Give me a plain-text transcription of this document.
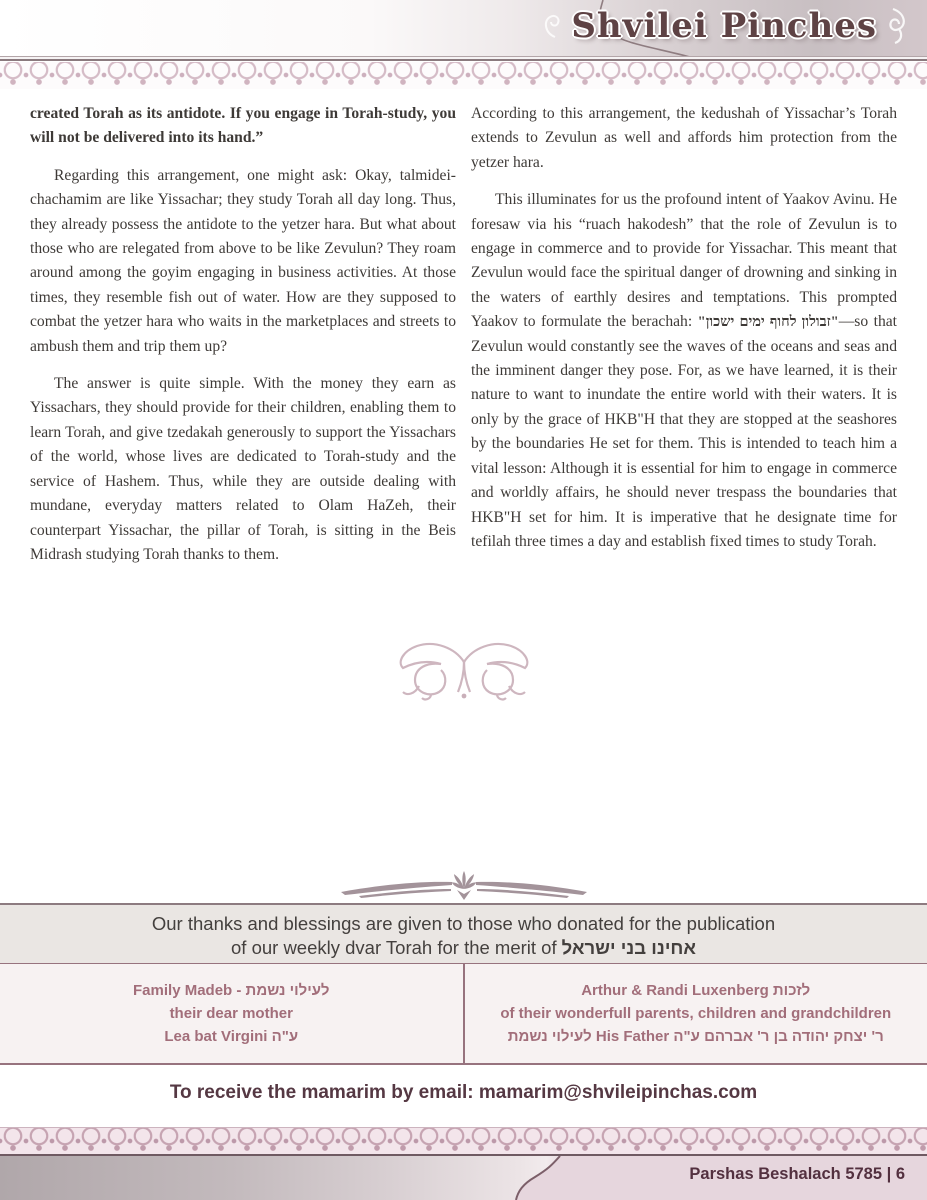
Shvilei Pinches

created Torah as its antidote. If you engage in Torah-study, you will not be delivered into its hand.”

Regarding this arrangement, one might ask: Okay, talmidei-chachamim are like Yissachar; they study Torah all day long. Thus, they already possess the antidote to the yetzer hara. But what about those who are relegated from above to be like Zevulun? They roam around among the goyim engaging in business activities. At those times, they resemble fish out of water. How are they supposed to combat the yetzer hara who waits in the marketplaces and streets to ambush them and trip them up?

The answer is quite simple. With the money they earn as Yissachars, they should provide for their children, enabling them to learn Torah, and give tzedakah generously to support the Yissachars of the world, whose lives are dedicated to Torah-study and the service of Hashem. Thus, while they are outside dealing with mundane, everyday matters related to Olam HaZeh, their counterpart Yissachar, the pillar of Torah, is sitting in the Beis Midrash studying Torah thanks to them.

According to this arrangement, the kedushah of Yissachar’s Torah extends to Zevulun as well and affords him protection from the yetzer hara.

This illuminates for us the profound intent of Yaakov Avinu. He foresaw via his “ruach hakodesh” that the role of Zevulun is to engage in commerce and to provide for Yissachar. This meant that Zevulun would face the spiritual danger of drowning and sinking in the waters of earthly desires and temptations. This prompted Yaakov to formulate the berachah: "זבולון לחוף ימים ישכון"—so that Zevulun would constantly see the waves of the oceans and seas and the imminent danger they pose. For, as we have learned, it is their nature to want to inundate the entire world with their waters. It is only by the grace of HKB"H that they are stopped at the seashores by the boundaries He set for them. This is intended to teach him a vital lesson: Although it is essential for him to engage in commerce and worldly affairs, he should never trespass the boundaries that HKB"H set for him. It is imperative that he designate time for tefilah three times a day and establish fixed times to study Torah.

Our thanks and blessings are given to those who donated for the publication
of our weekly dvar Torah for the merit of אחינו בני ישראל
Family Madeb - לעילוי נשמת
their dear mother
Lea bat Virgini ע"ה
Arthur & Randi Luxenberg לזכות
of their wonderfull parents, children and grandchildren
לעילוי נשמת His Father ר' יצחק יהודה בן ר' אברהם ע"ה
To receive the mamarim by email: mamarim@shvileipinchas.com
Parshas Beshalach 5785 | 6
